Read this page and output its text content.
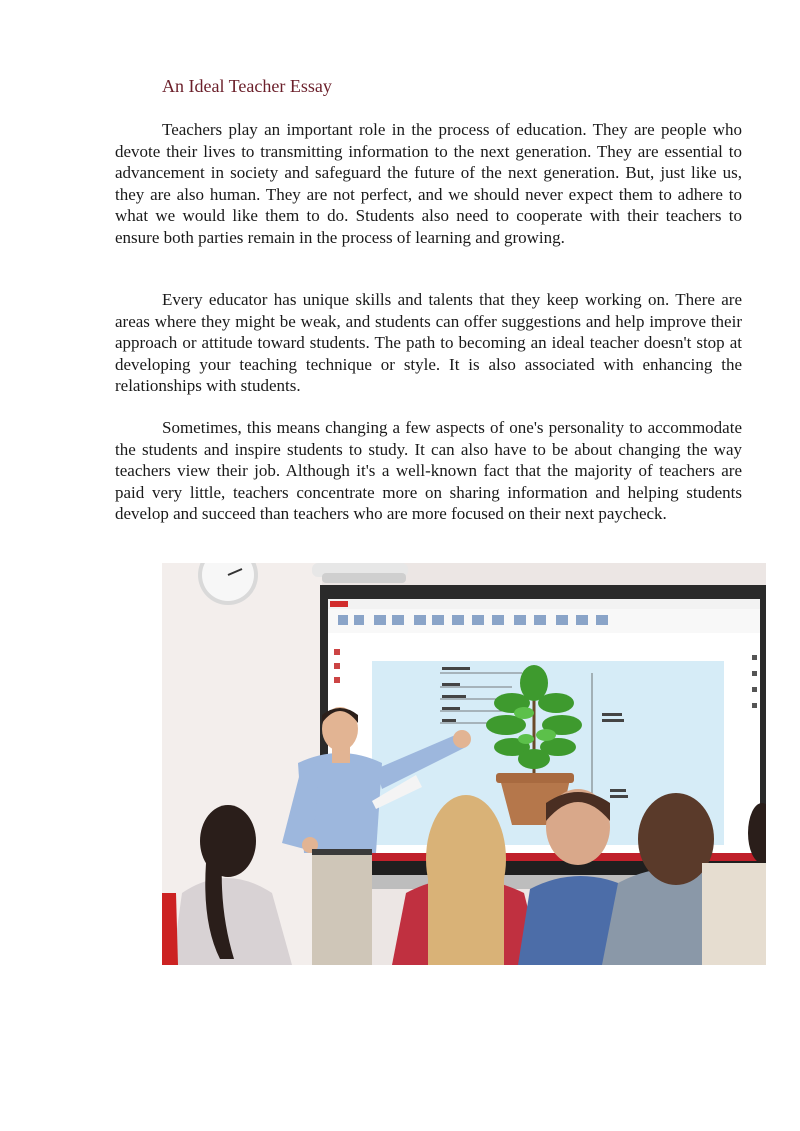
An Ideal Teacher Essay

Teachers play an important role in the process of education. They are people who devote their lives to transmitting information to the next generation. They are essential to advancement in society and safeguard the future of the next generation. But, just like us, they are also human. They are not perfect, and we should never expect them to adhere to what we would like them to do. Students also need to cooperate with their teachers to ensure both parties remain in the process of learning and growing.

Every educator has unique skills and talents that they keep working on. There are areas where they might be weak, and students can offer suggestions and help improve their approach or attitude toward students. The path to becoming an ideal teacher doesn't stop at developing your teaching technique or style. It is also associated with enhancing the relationships with students.

Sometimes, this means changing a few aspects of one's personality to accommodate the students and inspire students to study. It can also have to be about changing the way teachers view their job. Although it's a well-known fact that the majority of teachers are paid very little, teachers concentrate more on sharing information and helping students develop and succeed than teachers who are more focused on their next paycheck.
